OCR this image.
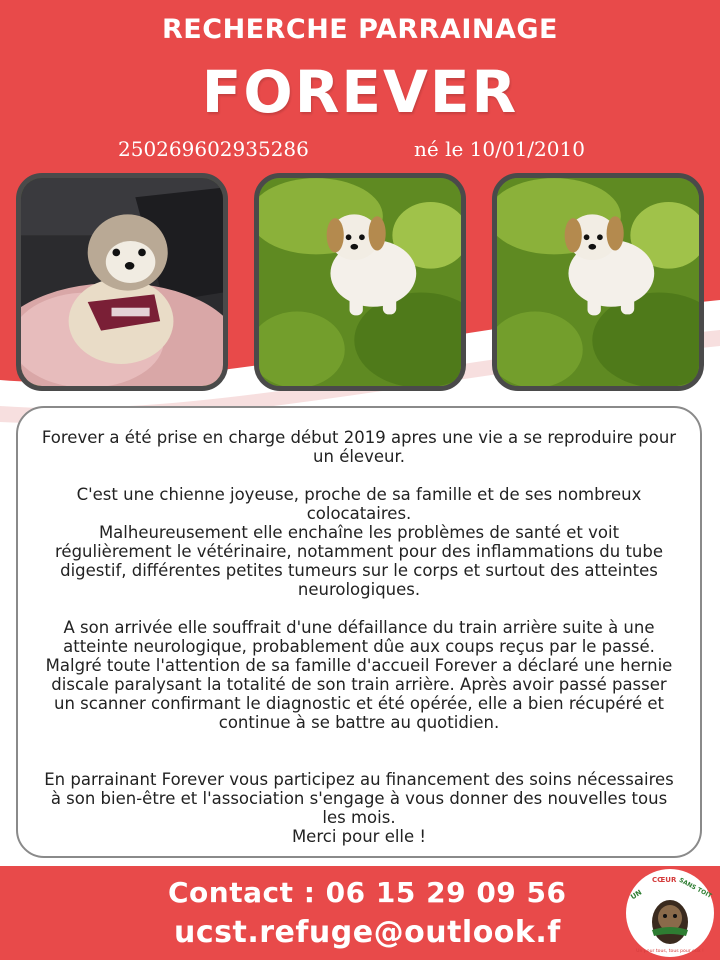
RECHERCHE PARRAINAGE
FOREVER
250269602935286	né le 10/01/2010

Forever a été prise en charge début 2019 apres une vie a se reproduire pour un éleveur.

C'est une chienne joyeuse, proche de sa famille et de ses nombreux colocataires.

Malheureusement elle enchaîne les problèmes de santé et voit régulièrement le vétérinaire, notamment pour des inflammations du tube digestif, différentes petites tumeurs sur le corps et surtout des atteintes neurologiques.

A son arrivée elle souffrait d'une défaillance du train arrière suite à une atteinte neurologique, probablement dûe aux coups reçus par le passé. Malgré toute l'attention de sa famille d'accueil Forever a déclaré une hernie discale paralysant la totalité de son train arrière. Après avoir passé passer un scanner confirmant le diagnostic et été opérée, elle a bien récupéré et continue à se battre au quotidien.

En parrainant Forever vous participez au financement des soins nécessaires à son bien-être et l'association s'engage à vous donner des nouvelles tous les mois.

Merci pour elle !

Contact : 06 15 29 09 56
ucst.refuge@outlook.f
UN
CŒUR SANS TOIT
Un pour tous, tous pour eux !
